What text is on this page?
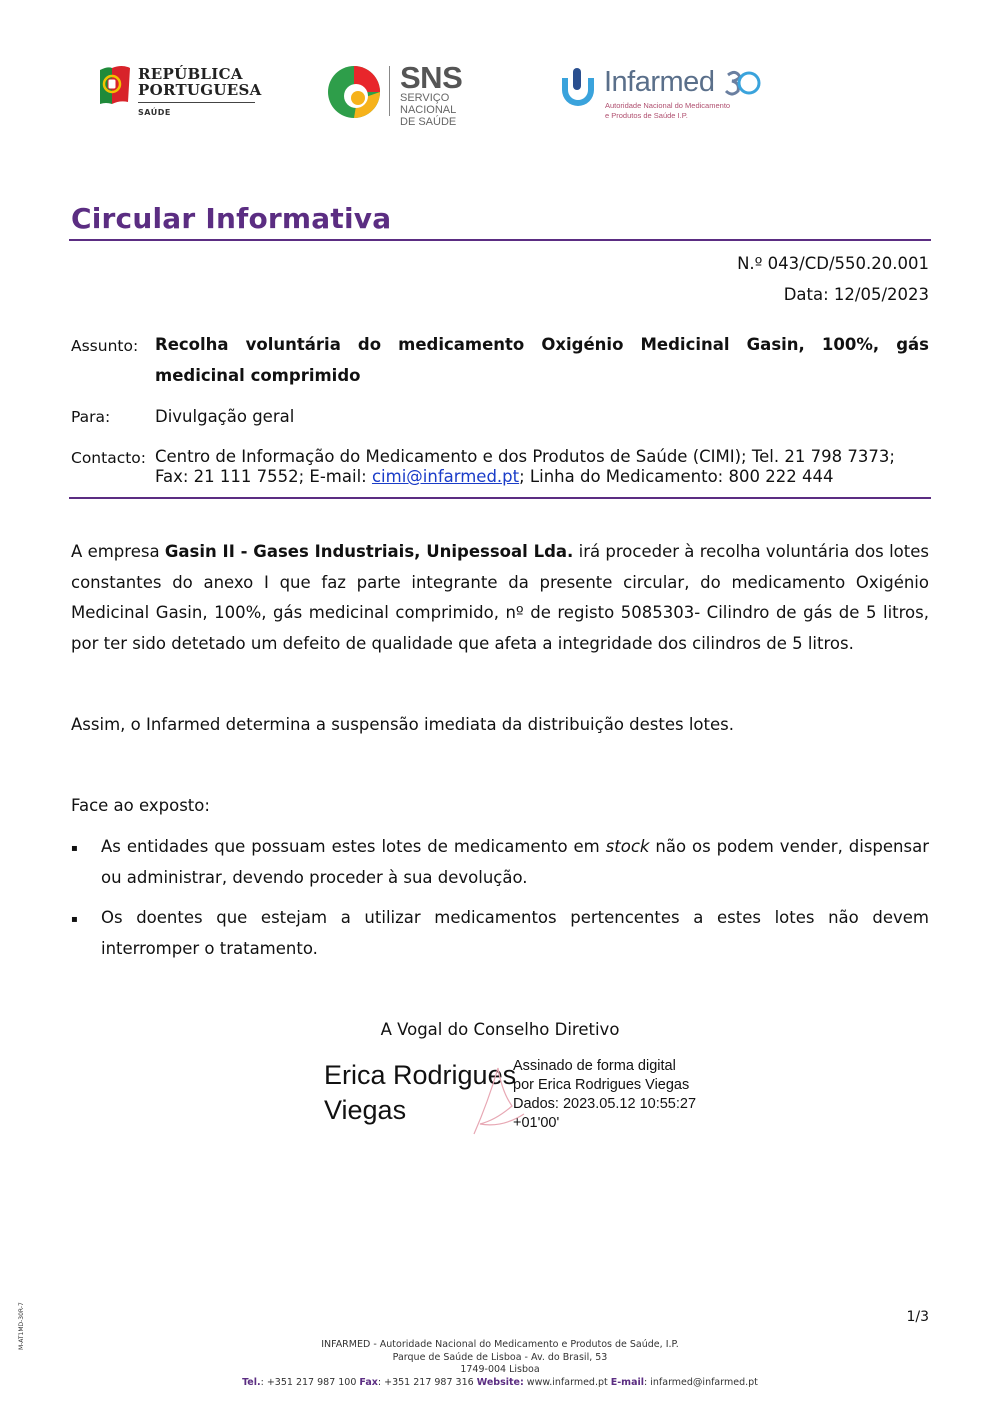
REPÚBLICA
PORTUGUESA
SAÚDE
SNS
SERVIÇO NACIONAL
DE SAÚDE
Infarmed
Autoridade Nacional do Medicamento
e Produtos de Saúde I.P.
Circular Informativa
N.º 043/CD/550.20.001
Data: 12/05/2023
Assunto: Recolha voluntária do medicamento Oxigénio Medicinal Gasin, 100%, gás
medicinal comprimido
Para:	Divulgação geral
Contacto: Centro de Informação do Medicamento e dos Produtos de Saúde (CIMI); Tel. 21 798 7373;
Fax: 21 111 7552; E-mail: cimi@infarmed.pt; Linha do Medicamento: 800 222 444
A empresa Gasin II - Gases Industriais, Unipessoal Lda. irá proceder à recolha voluntária dos lotes constantes do anexo I que faz parte integrante da presente circular, do medicamento Oxigénio Medicinal Gasin, 100%, gás medicinal comprimido, nº de registo 5085303- Cilindro de gás de 5 litros, por ter sido detetado um defeito de qualidade que afeta a integridade dos cilindros de 5 litros.
Assim, o Infarmed determina a suspensão imediata da distribuição destes lotes.
Face ao exposto:
▪ As entidades que possuam estes lotes de medicamento em stock não os podem vender, dispensar ou administrar, devendo proceder à sua devolução.
▪ Os doentes que estejam a utilizar medicamentos pertencentes a estes lotes não devem interromper o tratamento.
A Vogal do Conselho Diretivo
Erica Rodrigues
Viegas
Assinado de forma digital
por Erica Rodrigues Viegas
Dados: 2023.05.12 10:55:27
+01'00'
1/3
M-AT1MD-30R-7	INFARMED - Autoridade Nacional do Medicamento e Produtos de Saúde, I.P.
Parque de Saúde de Lisboa - Av. do Brasil, 53
1749-004 Lisboa
Tel.: +351 217 987 100 Fax: +351 217 987 316 Website: www.infarmed.pt E-mail: infarmed@infarmed.pt
